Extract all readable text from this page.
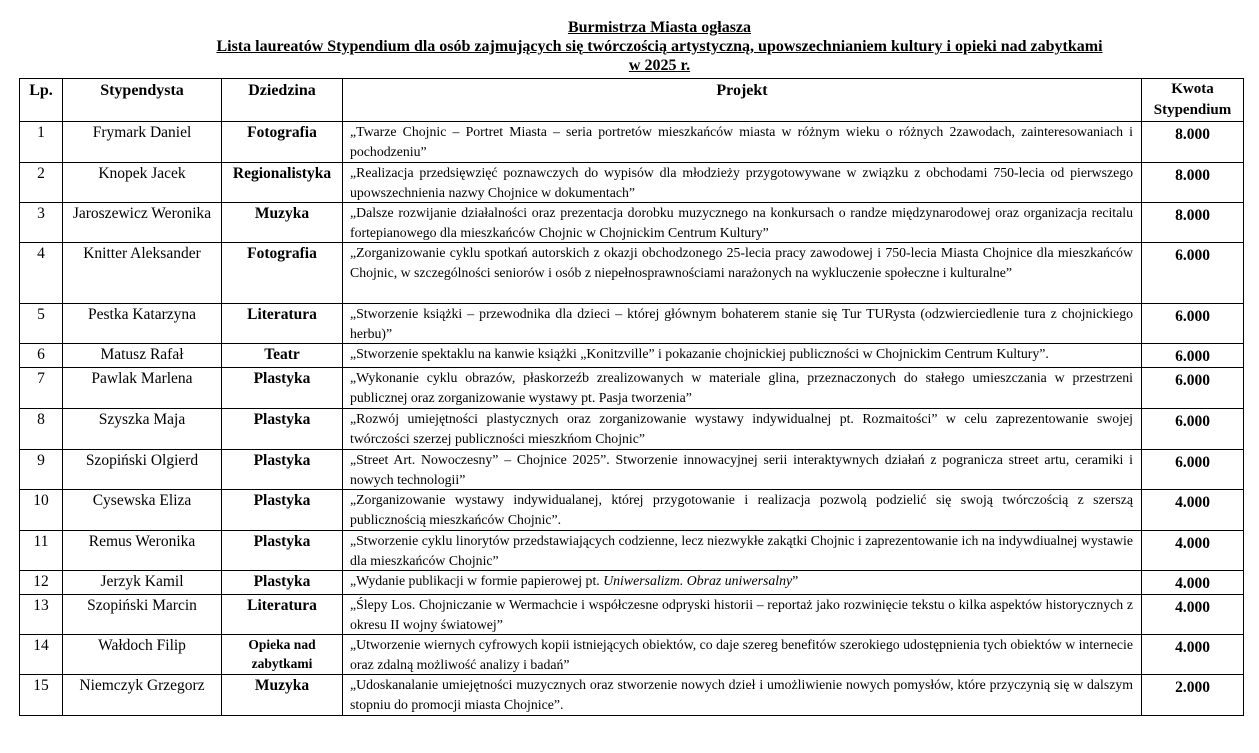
Burmistrza Miasta ogłasza
Lista laureatów Stypendium dla osób zajmujących się twórczością artystyczną, upowszechnianiem kultury i opieki nad zabytkami
w 2025 r.
Lp.	Stypendysta	Dziedzina	Projekt	Kwota
Stypendium
1	Frymark Daniel	Fotografia	„Twarze Chojnic – Portret Miasta – seria portretów mieszkańców miasta w różnym wieku o różnych 2zawodach, zainteresowaniach i pochodzeniu”	8.000
2	Knopek Jacek	Regionalistyka	„Realizacja przedsięwzięć poznawczych do wypisów dla młodzieży przygotowywane w związku z obchodami 750-lecia od pierwszego upowszechnienia nazwy Chojnice w dokumentach”	8.000
3	Jaroszewicz Weronika	Muzyka	„Dalsze rozwijanie działalności oraz prezentacja dorobku muzycznego na konkursach o randze międzynarodowej oraz organizacja recitalu fortepianowego dla mieszkańców Chojnic w Chojnickim Centrum Kultury”	8.000
4	Knitter Aleksander	Fotografia	„Zorganizowanie cyklu spotkań autorskich z okazji obchodzonego 25-lecia pracy zawodowej i 750-lecia Miasta Chojnice dla mieszkańców Chojnic, w szczególności seniorów i osób z niepełnosprawnościami narażonych na wykluczenie społeczne i kulturalne”	6.000
5	Pestka Katarzyna	Literatura	„Stworzenie książki – przewodnika dla dzieci – której głównym bohaterem stanie się Tur TURysta (odzwierciedlenie tura z chojnickiego herbu)”	6.000
6	Matusz Rafał	Teatr	„Stworzenie spektaklu na kanwie książki „Konitzville” i pokazanie chojnickiej publiczności w Chojnickim Centrum Kultury”.	6.000
7	Pawlak Marlena	Plastyka	„Wykonanie cyklu obrazów, płaskorzeźb zrealizowanych w materiale glina, przeznaczonych do stałego umieszczania w przestrzeni publicznej oraz zorganizowanie wystawy pt. Pasja tworzenia”	6.000
8	Szyszka Maja	Plastyka	„Rozwój umiejętności plastycznych oraz zorganizowanie wystawy indywidualnej pt. Rozmaitości” w celu zaprezentowanie swojej twórczości szerzej publiczności mieszkńom Chojnic”	6.000
9	Szopiński Olgierd	Plastyka	„Street Art. Nowoczesny” – Chojnice 2025”. Stworzenie innowacyjnej serii interaktywnych działań z pogranicza street artu, ceramiki i nowych technologii”	6.000
10	Cysewska Eliza	Plastyka	„Zorganizowanie wystawy indywidualanej, której przygotowanie i realizacja pozwolą podzielić się swoją twórczością z szerszą publicznością mieszkańców Chojnic”.	4.000
11	Remus Weronika	Plastyka	„Stworzenie cyklu linorytów przedstawiających codzienne, lecz niezwykłe zakątki Chojnic i zaprezentowanie ich na indywdiualnej wystawie dla mieszkańców Chojnic”	4.000
12	Jerzyk Kamil	Plastyka	„Wydanie publikacji w formie papierowej pt. Uniwersalizm. Obraz uniwersalny”	4.000
13	Szopiński Marcin	Literatura	„Ślepy Los. Chojniczanie w Wermachcie i współczesne odpryski historii – reportaż jako rozwinięcie tekstu o kilka aspektów historycznych z okresu II wojny światowej”	4.000
14	Wałdoch Filip	Opieka nad zabytkami	„Utworzenie wiernych cyfrowych kopii istniejących obiektów, co daje szereg benefitów szerokiego udostępnienia tych obiektów w internecie oraz zdalną możliwość analizy i badań”	4.000
15	Niemczyk Grzegorz	Muzyka	„Udoskanalanie umiejętności muzycznych oraz stworzenie nowych dzieł i umożliwienie nowych pomysłów, które przyczynią się w dalszym stopniu do promocji miasta Chojnice”.	2.000
